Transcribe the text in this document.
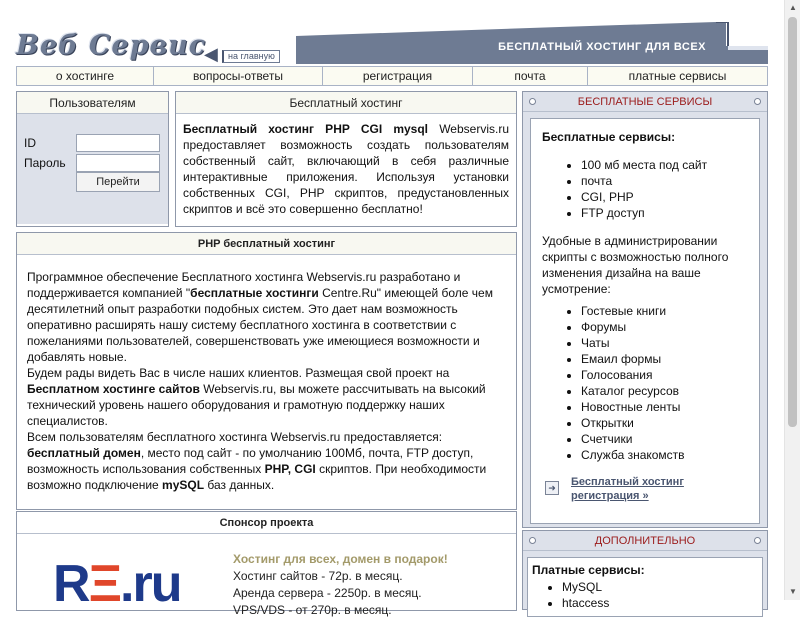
Веб Сервис
◀	на главную
БЕСПЛАТНЫЙ ХОСТИНГ ДЛЯ ВСЕХ
о хостинге	вопросы-ответы	регистрация	почта	платные сервисы
Пользователям
ID
Пароль
Перейти
Бесплатный хостинг
Бесплатный хостинг PHP CGI mysql Webservis.ru предоставляет возможность создать пользователям собственный сайт, включающий в себя различные интерактивные приложения. Используя установки собственных CGI, PHP скриптов, предустановленных скриптов и всё это совершенно бесплатно!
PHP бесплатный хостинг

Программное обеспечение Бесплатного хостинга Webservis.ru разработано и поддерживается компанией "бесплатные хостинги Centre.Ru" имеющей боле чем десятилетний опыт разработки подобных систем. Это дает нам возможность оперативно расширять нашу систему бесплатного хостинга в соответствии с пожеланиями пользователей, совершенствовать уже имеющиеся возможности и добавлять новые.

Будем рады видеть Вас в числе наших клиентов. Размещая свой проект на Бесплатном хостинге сайтов Webservis.ru, вы можете рассчитывать на высокий технический уровень нашего оборудования и грамотную поддержку наших специалистов.

Всем пользователям бесплатного хостинга Webservis.ru предоставляется: бесплатный домен, место под сайт - по умолчанию 100Мб, почта, FTP доступ, возможность использования собственных PHP, CGI скриптов. При необходимости возможно подключение mySQL баз данных.

Спонсор проекта
RΞ.ru	Хостинг для всех, домен в подарок!
Хостинг сайтов - 72р. в месяц.
Аренда сервера - 2250р. в месяц.
VPS/VDS - от 270р. в месяц.
БЕСПЛАТНЫЕ СЕРВИСЫ
Бесплатные сервисы:
• 100 мб места под сайт
• почта
• CGI, PHP
• FTP доступ

Удобные в администрировании скрипты с возможностью полного изменения дизайна на ваше усмотрение:

• Гостевые книги
• Форумы
• Чаты
• Емаил формы
• Голосования
• Каталог ресурсов
• Новостные ленты
• Открытки
• Счетчики
• Служба знакомств
➜ Бесплатный хостинг регистрация »
ДОПОЛНИТЕЛЬНО
Платные сервисы:
• MySQL
• htaccess
▲
▼
